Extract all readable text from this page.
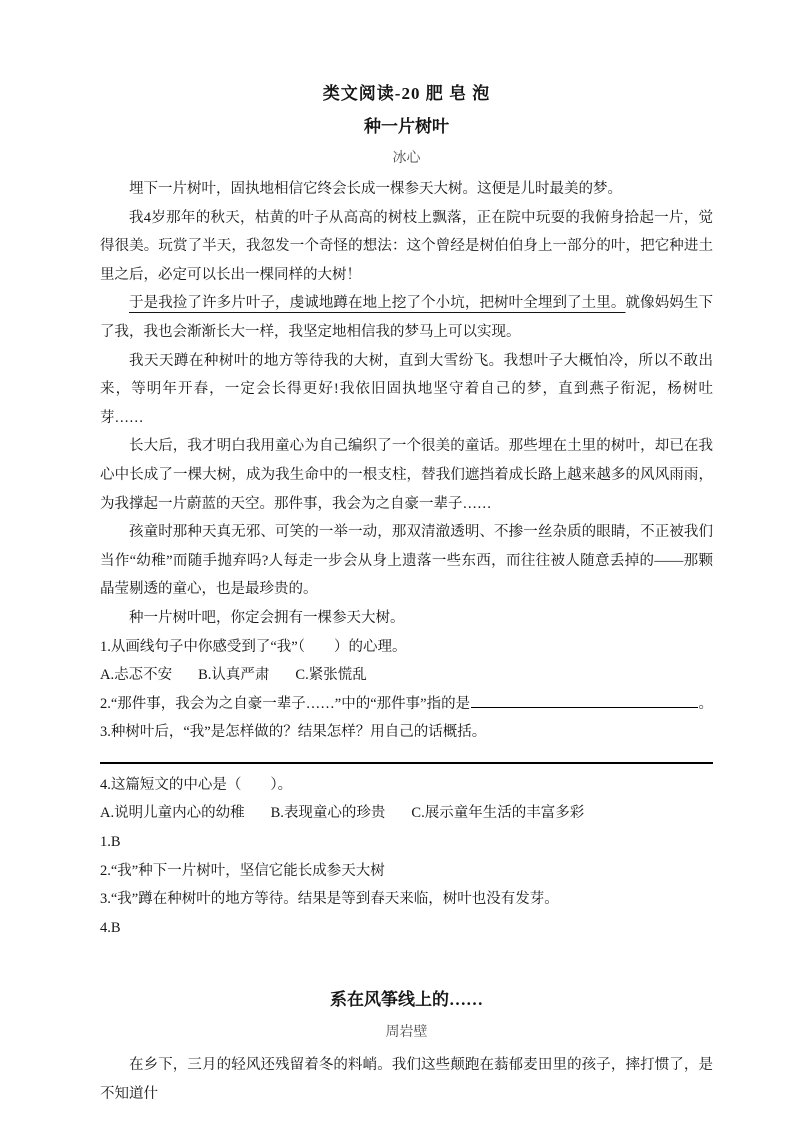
类文阅读-20 肥 皂 泡
种一片树叶
冰心

埋下一片树叶，固执地相信它终会长成一棵参天大树。这便是儿时最美的梦。

我4岁那年的秋天，枯黄的叶子从高高的树枝上飘落，正在院中玩耍的我俯身拾起一片，觉得很美。玩赏了半天，我忽发一个奇怪的想法：这个曾经是树伯伯身上一部分的叶，把它种进土里之后，必定可以长出一棵同样的大树！

于是我捡了许多片叶子，虔诚地蹲在地上挖了个小坑，把树叶全埋到了土里。就像妈妈生下了我，我也会渐渐长大一样，我坚定地相信我的梦马上可以实现。

我天天蹲在种树叶的地方等待我的大树，直到大雪纷飞。我想叶子大概怕冷，所以不敢出来，等明年开春，一定会长得更好!我依旧固执地坚守着自己的梦，直到燕子衔泥，杨树吐芽……

长大后，我才明白我用童心为自己编织了一个很美的童话。那些埋在土里的树叶，却已在我心中长成了一棵大树，成为我生命中的一根支柱，替我们遮挡着成长路上越来越多的风风雨雨，为我撑起一片蔚蓝的天空。那件事，我会为之自豪一辈子……

孩童时那种天真无邪、可笑的一举一动，那双清澈透明、不掺一丝杂质的眼睛，不正被我们当作“幼稚”而随手抛弃吗?人每走一步会从身上遗落一些东西，而往往被人随意丢掉的——那颗晶莹剔透的童心，也是最珍贵的。

种一片树叶吧，你定会拥有一棵参天大树。

1.从画线句子中你感受到了“我”（　　）的心理。

A.忐忑不安 B.认真严肃 C.紧张慌乱

2.“那件事，我会为之自豪一辈子……”中的“那件事”指的是	。

3.种树叶后，“我”是怎样做的？结果怎样？用自己的话概括。

4.这篇短文的中心是（　　）。

A.说明儿童内心的幼稚 B.表现童心的珍贵 C.展示童年生活的丰富多彩

1.B

2.“我”种下一片树叶，坚信它能长成参天大树

3.“我”蹲在种树叶的地方等待。结果是等到春天来临，树叶也没有发芽。

4.B

系在风筝线上的……
周岩壁

在乡下，三月的轻风还残留着冬的料峭。我们这些颠跑在蓊郁麦田里的孩子，摔打惯了，是不知道什
